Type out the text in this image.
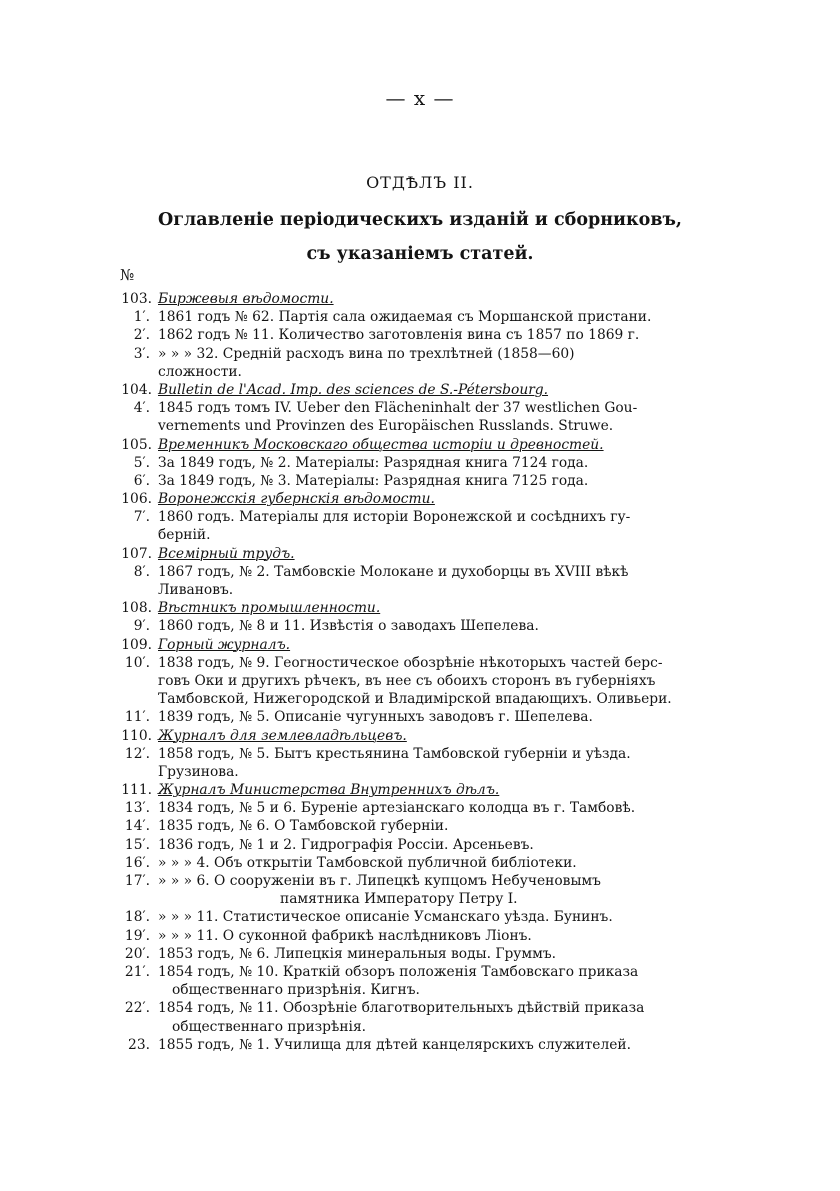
— x —
ОТДѢЛЪ II.
Оглавленіе періодическихъ изданій и сборниковъ,
съ указаніемъ статей.
№
103. Биржевыя вѣдомости.
1′. 1861 годъ № 62. Партія сала ожидаемая съ Моршанской пристани.
2′. 1862 годъ № 11. Количество заготовленія вина съ 1857 по 1869 г.
3′. » » » 32. Средній расходъ вина по трехлѣтней (1858—60)
сложности.
104. Bulletin de l'Acad. Imp. des sciences de S.-Pétersbourg.
4′. 1845 годъ томъ IV. Ueber den Flächeninhalt der 37 westlichen Gou-
vernements und Provinzen des Europäischen Russlands. Struwe.
105. Временникъ Московскаго общества исторіи и древностей.
5′. За 1849 годъ, № 2. Матеріалы: Разрядная книга 7124 года.
6′. За 1849 годъ, № 3. Матеріалы: Разрядная книга 7125 года.
106. Воронежскія губернскія вѣдомости.
7′. 1860 годъ. Матеріалы для исторіи Воронежской и сосѣднихъ гу-
берній.
107. Всемірный трудъ.
8′. 1867 годъ, № 2. Тамбовскіе Молокане и духоборцы въ XVIII вѣкѣ
Ливановъ.
108. Вѣстникъ промышленности.
9′. 1860 годъ, № 8 и 11. Извѣстія о заводахъ Шепелева.
109. Горный журналъ.
10′. 1838 годъ, № 9. Геогностическое обозрѣніе нѣкоторыхъ частей берс-
говъ Оки и другихъ рѣчекъ, въ нее съ обоихъ сторонъ въ губерніяхъ
Тамбовской, Нижегородской и Владимірской впадающихъ. Оливьери.
11′. 1839 годъ, № 5. Описаніе чугунныхъ заводовъ г. Шепелева.
110. Журналъ для землевладѣльцевъ.
12′. 1858 годъ, № 5. Бытъ крестьянина Тамбовской губерніи и уѣзда.
Грузинова.
111. Журналъ Министерства Внутреннихъ дѣлъ.
13′. 1834 годъ, № 5 и 6. Буреніе артезіанскаго колодца въ г. Тамбовѣ.
14′. 1835 годъ, № 6. О Тамбовской губерніи.
15′. 1836 годъ, № 1 и 2. Гидрографія Россіи. Арсеньевъ.
16′. » » » 4. Объ открытіи Тамбовской публичной библіотеки.
17′. » » » 6. О сооруженіи въ г. Липецкѣ купцомъ Небученовымъ
памятника Императору Петру I.
18′. » » » 11. Статистическое описаніе Усманскаго уѣзда. Бунинъ.
19′. » » » 11. О суконной фабрикѣ наслѣдниковъ Ліонъ.
20′. 1853 годъ, № 6. Липецкія минеральныя воды. Груммъ.
21′. 1854 годъ, № 10. Краткій обзоръ положенія Тамбовскаго приказа
общественнаго призрѣнія. Кигнъ.
22′. 1854 годъ, № 11. Обозрѣніе благотворительныхъ дѣйствій приказа
общественнаго призрѣнія.
23. 1855 годъ, № 1. Училища для дѣтей канцелярскихъ служителей.
